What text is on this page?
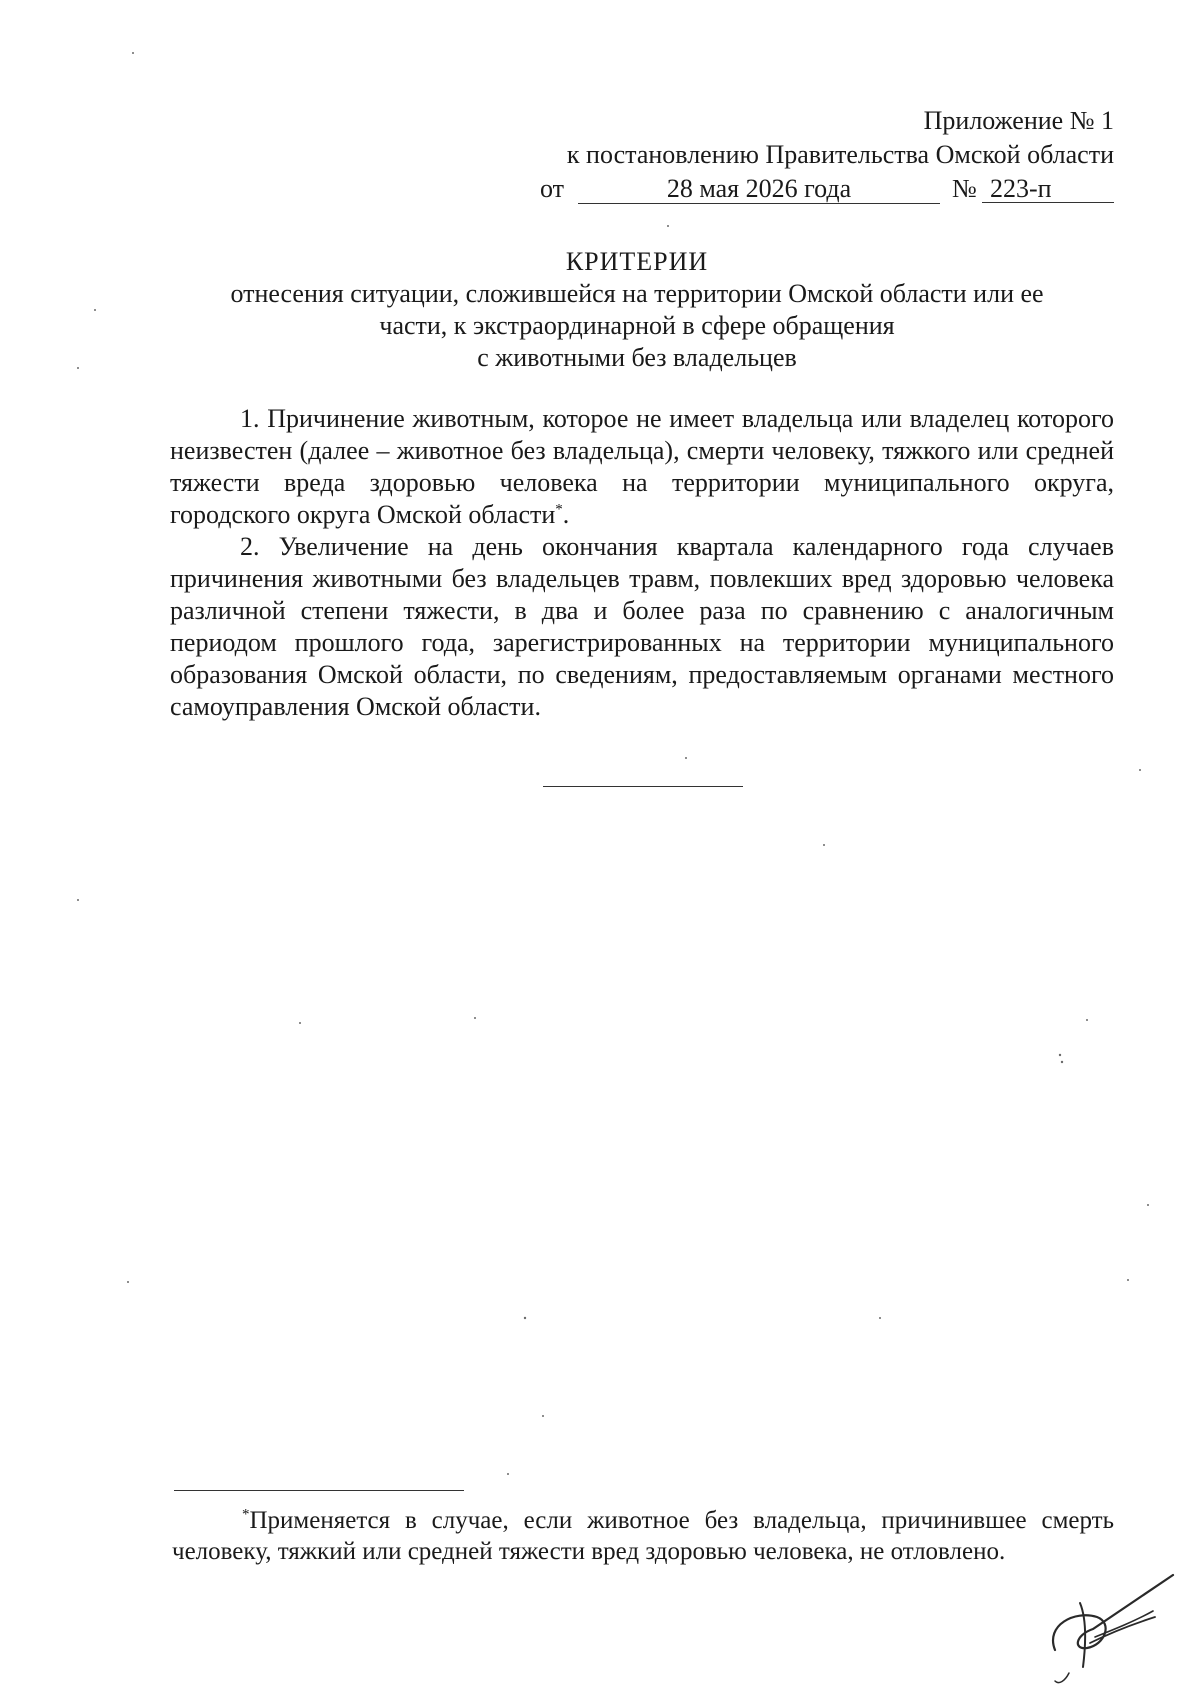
Приложение № 1
к постановлению Правительства Омской области
от	28 мая 2026 года	№ 223-п
КРИТЕРИИ
отнесения ситуации, сложившейся на территории Омской области или ее
части, к экстраординарной в сфере обращения
с животными без владельцев

1. Причинение животным, которое не имеет владельца или владелец которого неизвестен (далее – животное без владельца), смерти человеку, тяжкого или средней тяжести вреда здоровью человека на территории муниципального округа, городского округа Омской области*.

2. Увеличение на день окончания квартала календарного года случаев причинения животными без владельцев травм, повлекших вред здоровью человека различной степени тяжести, в два и более раза по сравнению с аналогичным периодом прошлого года, зарегистрированных на территории муниципального образования Омской области, по сведениям, предоставляемым органами местного самоуправления Омской области.

*Применяется в случае, если животное без владельца, причинившее смерть человеку, тяжкий или средней тяжести вред здоровью человека, не отловлено.
